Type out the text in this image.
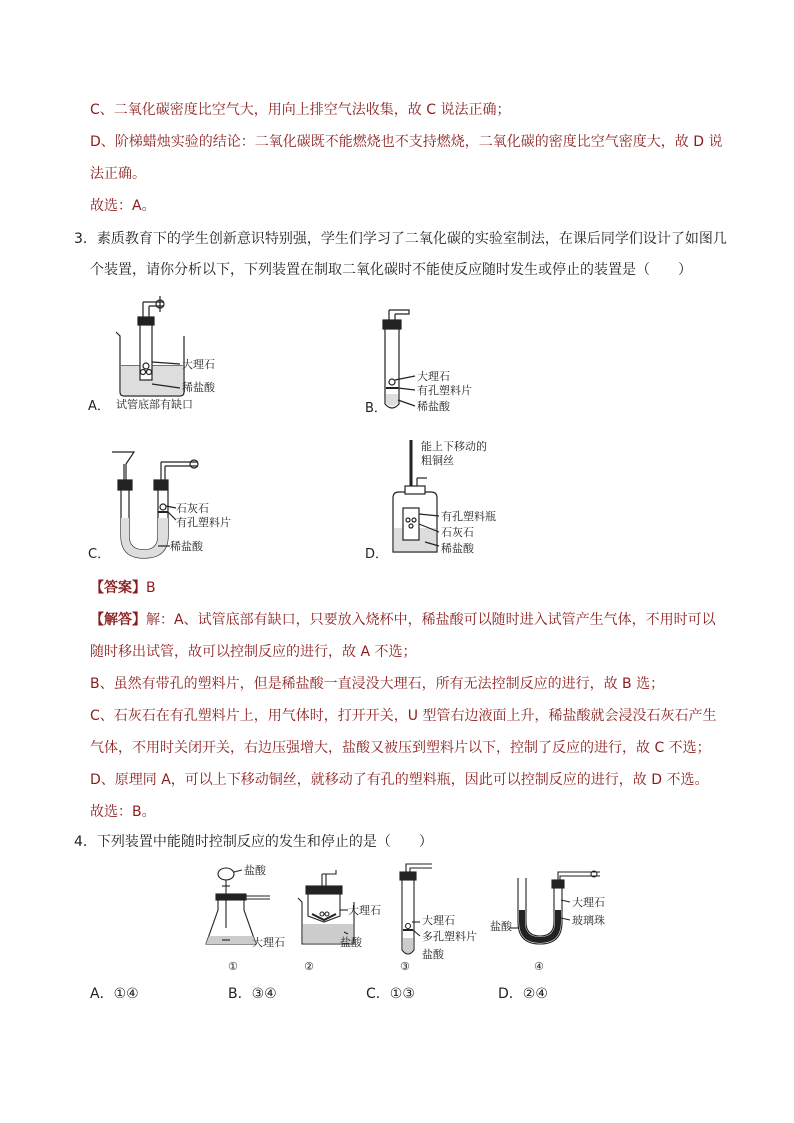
C、二氧化碳密度比空气大，用向上排空气法收集，故 C 说法正确；
D、阶梯蜡烛实验的结论：二氧化碳既不能燃烧也不支持燃烧，二氧化碳的密度比空气密度大，故 D 说
法正确。
故选：A。
3．素质教育下的学生创新意识特别强，学生们学习了二氧化碳的实验室制法，在课后同学们设计了如图几
个装置，请你分析以下，下列装置在制取二氧化碳时不能使反应随时发生或停止的装置是（　　）
大理石
稀盐酸
A． 试管底部有缺口
大理石
有孔塑料片
稀盐酸
B．
石灰石
有孔塑料片
稀盐酸
C．
能上下移动的
粗铜丝
有孔塑料瓶
石灰石
稀盐酸
D．
【答案】B
【解答】解：A、试管底部有缺口，只要放入烧杯中，稀盐酸可以随时进入试管产生气体，不用时可以
随时移出试管，故可以控制反应的进行，故 A 不选；
B、虽然有带孔的塑料片，但是稀盐酸一直浸没大理石，所有无法控制反应的进行，故 B 选；
C、石灰石在有孔塑料片上，用气体时，打开开关，U 型管右边液面上升，稀盐酸就会浸没石灰石产生
气体，不用时关闭开关，右边压强增大，盐酸又被压到塑料片以下，控制了反应的进行，故 C 不选；
D、原理同 A，可以上下移动铜丝，就移动了有孔的塑料瓶，因此可以控制反应的进行，故 D 不选。
故选：B。
4．下列装置中能随时控制反应的发生和停止的是（　　）
盐酸
大理石
①
大理石
盐酸
②
大理石
多孔塑料片
盐酸
③
盐酸
大理石
玻璃珠
④
A．①④	B．③④	C．①③	D．②④
